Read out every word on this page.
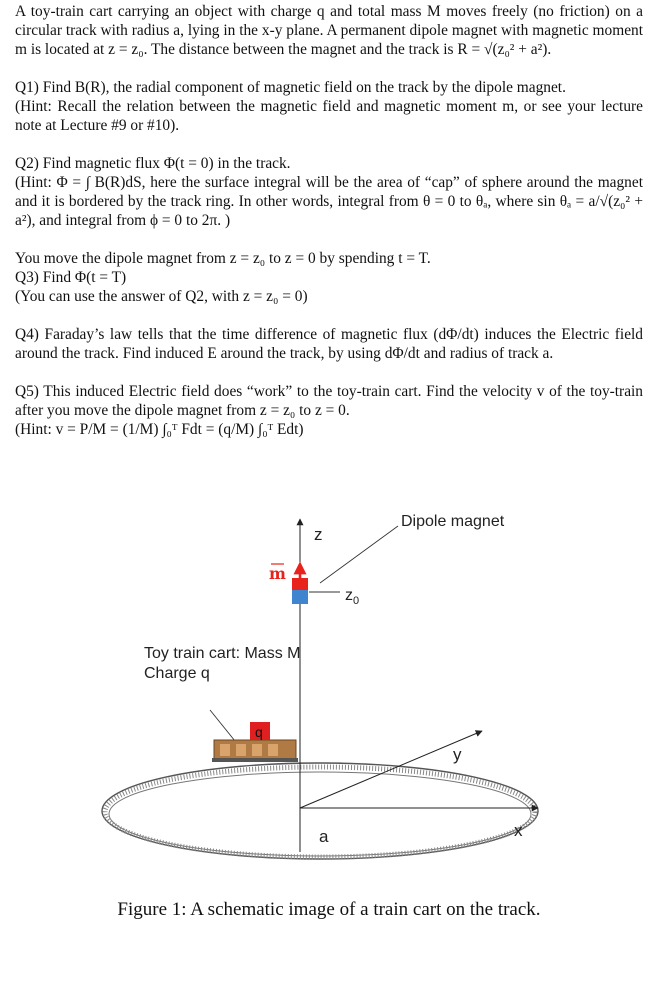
A toy-train cart carrying an object with charge q and total mass M moves freely (no friction) on a circular track with radius a, lying in the x-y plane. A permanent dipole magnet with magnetic moment m is located at z = z₀. The distance between the magnet and the track is R = √(z₀² + a²).

Q1) Find B(R), the radial component of magnetic field on the track by the dipole magnet.
(Hint: Recall the relation between the magnetic field and magnetic moment m, or see your lecture note at Lecture #9 or #10).

Q2) Find magnetic flux Φ(t = 0) in the track.
(Hint: Φ = ∫ B(R)dS, here the surface integral will be the area of “cap” of sphere around the magnet and it is bordered by the track ring. In other words, integral from θ = 0 to θₐ, where sin θₐ = a/√(z₀² + a²), and integral from ϕ = 0 to 2π. )

You move the dipole magnet from z = z₀ to z = 0 by spending t = T.
Q3) Find Φ(t = T)
(You can use the answer of Q2, with z = z₀ = 0)

Q4) Faraday’s law tells that the time difference of magnetic flux (dΦ/dt) induces the Electric field around the track. Find induced E around the track, by using dΦ/dt and radius of track a.

Q5) This induced Electric field does “work” to the toy-train cart. Find the velocity v of the toy-train after you move the dipole magnet from z = z₀ to z = 0.
(Hint: v = P/M = (1/M) ∫₀ᵀ Fdt = (q/M) ∫₀ᵀ Edt)

Dipole magnet
z
$z_0$
m
Toy train cart: Mass M
Charge q
q
y
x
a
Figure 1: A schematic image of a train cart on the track.
